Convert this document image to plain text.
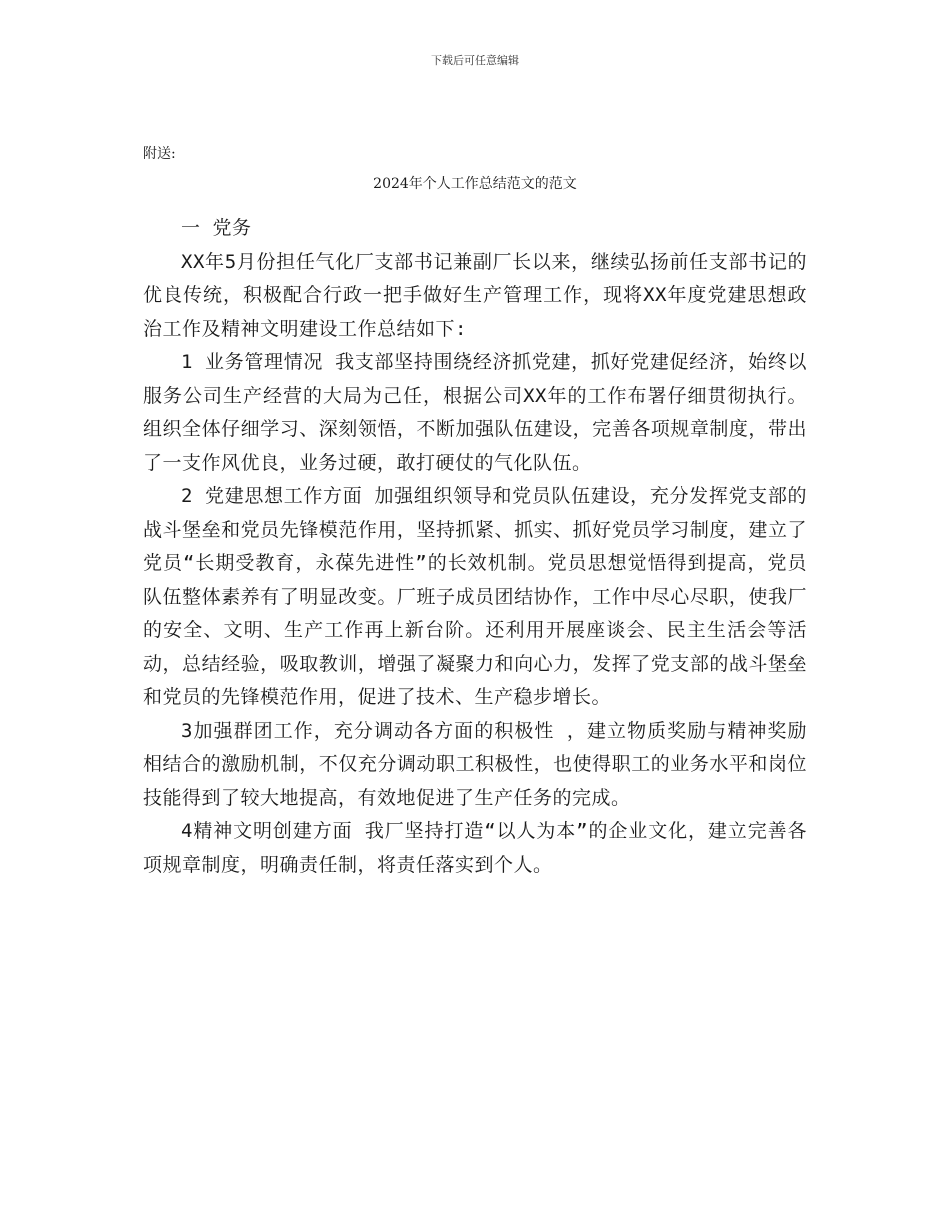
下载后可任意编辑
附送:
2024年个人工作总结范文的范文

一 党务

XX年5月份担任气化厂支部书记兼副厂长以来，继续弘扬前任支部书记的优良传统，积极配合行政一把手做好生产管理工作，现将XX年度党建思想政治工作及精神文明建设工作总结如下:

1 业务管理情况 我支部坚持围绕经济抓党建，抓好党建促经济，始终以服务公司生产经营的大局为己任，根据公司XX年的工作布署仔细贯彻执行。组织全体仔细学习、深刻领悟，不断加强队伍建设，完善各项规章制度，带出了一支作风优良，业务过硬，敢打硬仗的气化队伍。

2 党建思想工作方面 加强组织领导和党员队伍建设，充分发挥党支部的战斗堡垒和党员先锋模范作用，坚持抓紧、抓实、抓好党员学习制度，建立了党员“长期受教育，永葆先进性”的长效机制。党员思想觉悟得到提高，党员队伍整体素养有了明显改变。厂班子成员团结协作，工作中尽心尽职，使我厂的安全、文明、生产工作再上新台阶。还利用开展座谈会、民主生活会等活动，总结经验，吸取教训，增强了凝聚力和向心力，发挥了党支部的战斗堡垒和党员的先锋模范作用，促进了技术、生产稳步增长。

3加强群团工作，充分调动各方面的积极性 ，建立物质奖励与精神奖励相结合的激励机制，不仅充分调动职工积极性，也使得职工的业务水平和岗位技能得到了较大地提高，有效地促进了生产任务的完成。

4精神文明创建方面 我厂坚持打造“以人为本”的企业文化，建立完善各项规章制度，明确责任制，将责任落实到个人。
